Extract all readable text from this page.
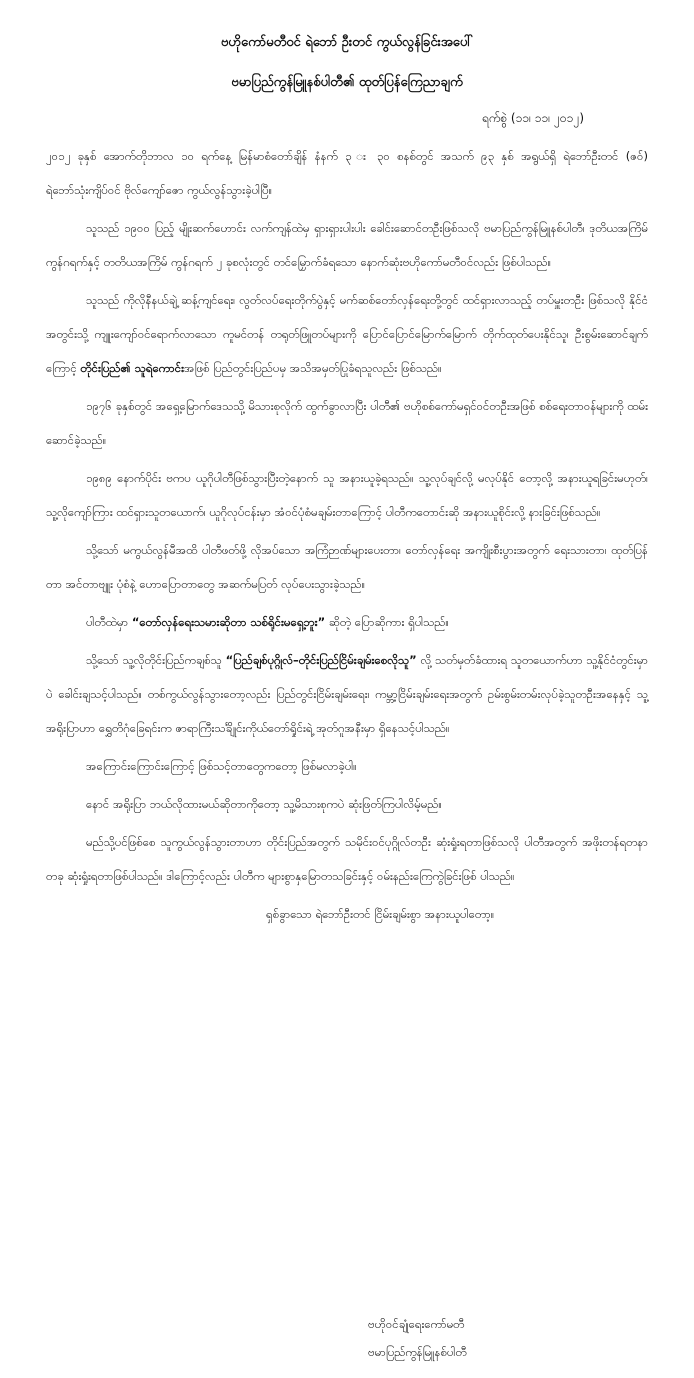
ဗဟိုကော်မတီဝင် ရဲဘော် ဦးတင် ကွယ်လွန်ခြင်းအပေါ်
ဗမာပြည်ကွန်မြူနစ်ပါတီ၏ ထုတ်ပြန်ကြေညာချက်
ရက်စွဲ (၁၁၊ ၁၁၊ ၂၀၁၂)

၂၀၁၂ ခုနှစ် အောက်တိုဘာလ ၁၀ ရက်နေ့ မြန်မာစံတော်ချိန် နံနက် ၃ း ၃၀ စနစ်တွင် အသက် ၉၃ နှစ် အရွယ်ရှိ ရဲဘော်ဦးတင် (ဇဝ်) ရဲဘော်သုံးကျိပ်ဝင် ဗိုလ်ကျော်ဇော ကွယ်လွန်သွားခဲ့ပါပြီ။

သူသည် ၁၉၀၀ ပြည့် မျိုးဆက်ဟောင်း လက်ကျန်ထဲမှ ရှားရှားပါးပါး ခေါင်းဆောင်တဦးဖြစ်သလို ဗမာပြည်ကွန်မြူနစ်ပါတီ၊ ဒုတိယအကြိမ် ကွန်ဂရက်နှင့် တတိယအကြိမ် ကွန်ဂရက် ၂ ခုစလုံးတွင် တင်မြှောက်ခံရသော နောက်ဆုံးဗဟိုကော်မတီဝင်လည်း ဖြစ်ပါသည်။

သူသည် ကိုလိုနီနယ်ချဲ့ ဆန့်ကျင်ရေး၊ လွတ်လပ်ရေးတိုက်ပွဲနှင့် မက်ဆစ်တော်လှန်ရေးတို့တွင် ထင်ရှားလာသည့် တပ်မှူးတဦး ဖြစ်သလို နိုင်ငံအတွင်းသို့ ကျူးကျော်ဝင်ရောက်လာသော ကူမင်တန် တရုတ်ဖြူတပ်များကို ပြောင်ပြောင်မြောက်မြောက် တိုက်ထုတ်ပေးနိုင်သူ၊ ဦးစွမ်းဆောင်ချက်ကြောင့် တိုင်းပြည်၏ သူရဲကောင်းအဖြစ် ပြည်တွင်းပြည်ပမှ အသိအမှတ်ပြုခံရသူလည်း ဖြစ်သည်။

၁၉၇၆ ခုနှစ်တွင် အရှေ့မြောက်ဒေသသို့ မိသားစုလိုက် ထွက်ခွာလာပြီး ပါတီ၏ ဗဟိုစစ်ကော်မရှင်ဝင်တဦးအဖြစ် စစ်ရေးတာဝန်များကို ထမ်းဆောင်ခဲ့သည်။

၁၉၈၉ နောက်ပိုင်း ဗကပ ယူဂိုပါတီဖြစ်သွားပြီးတဲ့နောက် သူ အနားယူခဲ့ရသည်။ သူ့လုပ်ချင်လို့ မလုပ်နိုင် တော့လို့ အနားယူရခြင်းမဟုတ်၊ သူ့လိုကျော်ကြား ထင်ရှားသူတယောက်၊ ယူဂိုလုပ်ငန်းမှာ အံဝင်ပုံစံမချမ်းတာကြောင့် ပါတီကတောင်းဆို အနားယူစိုင်းလို့ နားခြင်းဖြစ်သည်။

သို့သော် မကွယ်လွန်မီအထိ ပါတီဖတ်ဖို့ လိုအပ်သော အကြံဉာဏ်များပေးတာ၊ တော်လှန်ရေး အကျိုးစီးပွားအတွက် ရေးသားတာ၊ ထုတ်ပြန်တာ အင်တာဗျူး ပုံစံနဲ့ ဟောပြောတာတွေ အဆက်မပြတ် လုပ်ပေးသွားခဲ့သည်။

ပါတီထဲမှာ “တော်လှန်ရေးသမားဆိုတာ သစ်ရိုင်းမရှေ့ဘူး” ဆိုတဲ့ ပြောဆိုကား ရှိပါသည်။

သို့သော် သူ့လိုတိုင်းပြည်ကချစ်သူ “ပြည်ချစ်ပုဂ္ဂိုလ်–တိုင်းပြည်ငြိမ်းချမ်းစေလိုသူ” လို့ သတ်မှတ်ခံထားရ သူတယောက်ဟာ သူ့နိုင်ငံတွင်းမှာပဲ ခေါင်းချသင့်ပါသည်။ တစ်ကွယ်လွန်သွားတော့လည်း ပြည်တွင်းငြိမ်းချမ်းရေး၊ ကမ္ဘာ့ငြိမ်းချမ်းရေးအတွက် ဥမ်းစွမ်းတမ်းလုပ်ခဲ့သူတဦးအနေနှင့် သူ့အရိုးပြာဟာ ရွှေတိဂုံခြေရင်းက ဇာရာကြီးသင်္ချိုင်းကိုယ်တော်ရှိုင်းရဲ့ အုတ်ဂူအနီးမှာ ရှိနေသင့်ပါသည်။

အကြောင်းကြောင်းကြောင့် ဖြစ်သင့်တာတွေကတော့ ဖြစ်မလာခဲ့ပါ။

နောင် အရိုးပြာ ဘယ်လိုထားမယ်ဆိုတာကိုတော့ သူ့မိသားစုကပဲ ဆုံးဖြတ်ကြပါလိမ့်မည်။

မည်သို့ပင်ဖြစ်စေ သူကွယ်လွန်သွားတာဟာ တိုင်းပြည်အတွက် သမိုင်းဝင်ပုဂ္ဂိုလ်တဦး ဆုံးရှုံးရတာဖြစ်သလို ပါတီအတွက် အဖိုးတန်ရတနာတခု ဆုံးရှုံးရတာဖြစ်ပါသည်။ ဒါကြောင့်လည်း ပါတီက များစွာနှမြောတသခြင်းနှင့် ဝမ်းနည်းကြေကွဲခြင်းဖြစ် ပါသည်။

ရှစ်ခွာသော ရဲဘော်ဦးတင် ငြိမ်းချမ်းစွာ အနားယူပါတော့။
ဗဟိုဝင်ချုံရေးကော်မတီ
ဗမာပြည်ကွန်မြူနစ်ပါတီ
